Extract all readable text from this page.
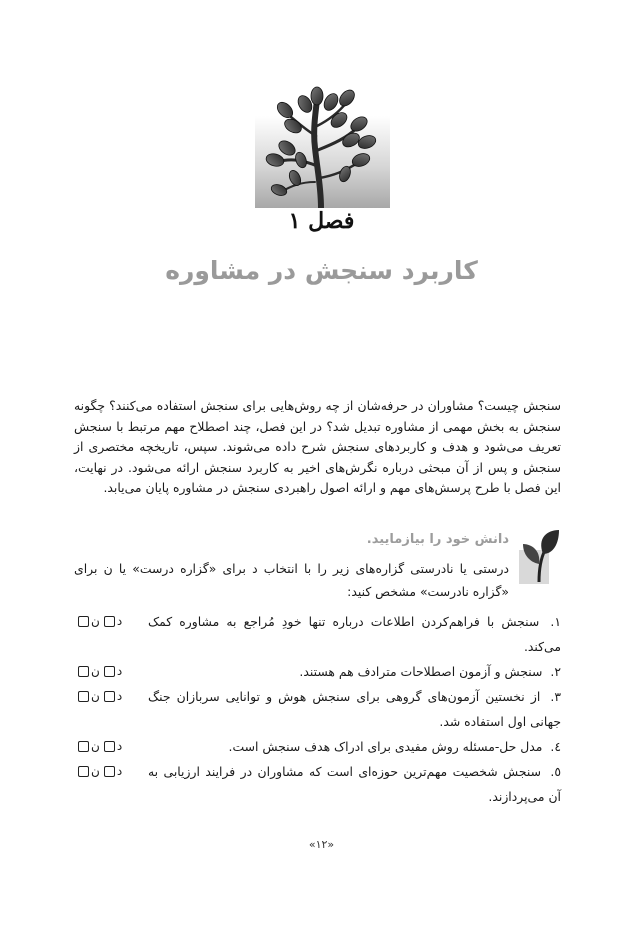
فصل ۱
کاربرد سنجش در مشاوره

سنجش چیست؟ مشاوران در حرفه‌شان از چه روش‌هایی برای سنجش استفاده می‌کنند؟ چگونه سنجش به بخش مهمی از مشاوره تبدیل شد؟ در این فصل، چند اصطلاح مهم مرتبط با سنجش تعریف می‌شود و هدف و کاربردهای سنجش شرح داده می‌شوند. سپس، تاریخچه مختصری از سنجش و پس از آن مبحثی درباره نگرش‌های اخیر به کاربرد سنجش ارائه می‌شود. در نهایت، این فصل با طرح پرسش‌های مهم و ارائه اصول راهبردی سنجش در مشاوره پایان می‌یابد.

دانش خود را بیازمایید.

درستی یا نادرستی گزاره‌های زیر را با انتخاب د برای «گزاره درست» یا ن برای «گزاره نادرست» مشخص کنید:

۱. سنجش با فراهم‌کردن اطلاعات درباره تنها خودِ مُراجع به مشاوره کمک می‌کند.
د
ن
۲. سنجش و آزمون اصطلاحات مترادف هم هستند.
د
ن
۳. از نخستین آزمون‌های گروهی برای سنجش هوش و توانایی سربازان جنگ جهانی اول استفاده شد.
د
ن
٤. مدل حل-مسئله روش مفیدی برای ادراک هدف سنجش است.
د
ن
٥. سنجش شخصیت مهم‌ترین حوزه‌ای است که مشاوران در فرایند ارزیابی به آن می‌پردازند.
د
ن
«۱۲»
